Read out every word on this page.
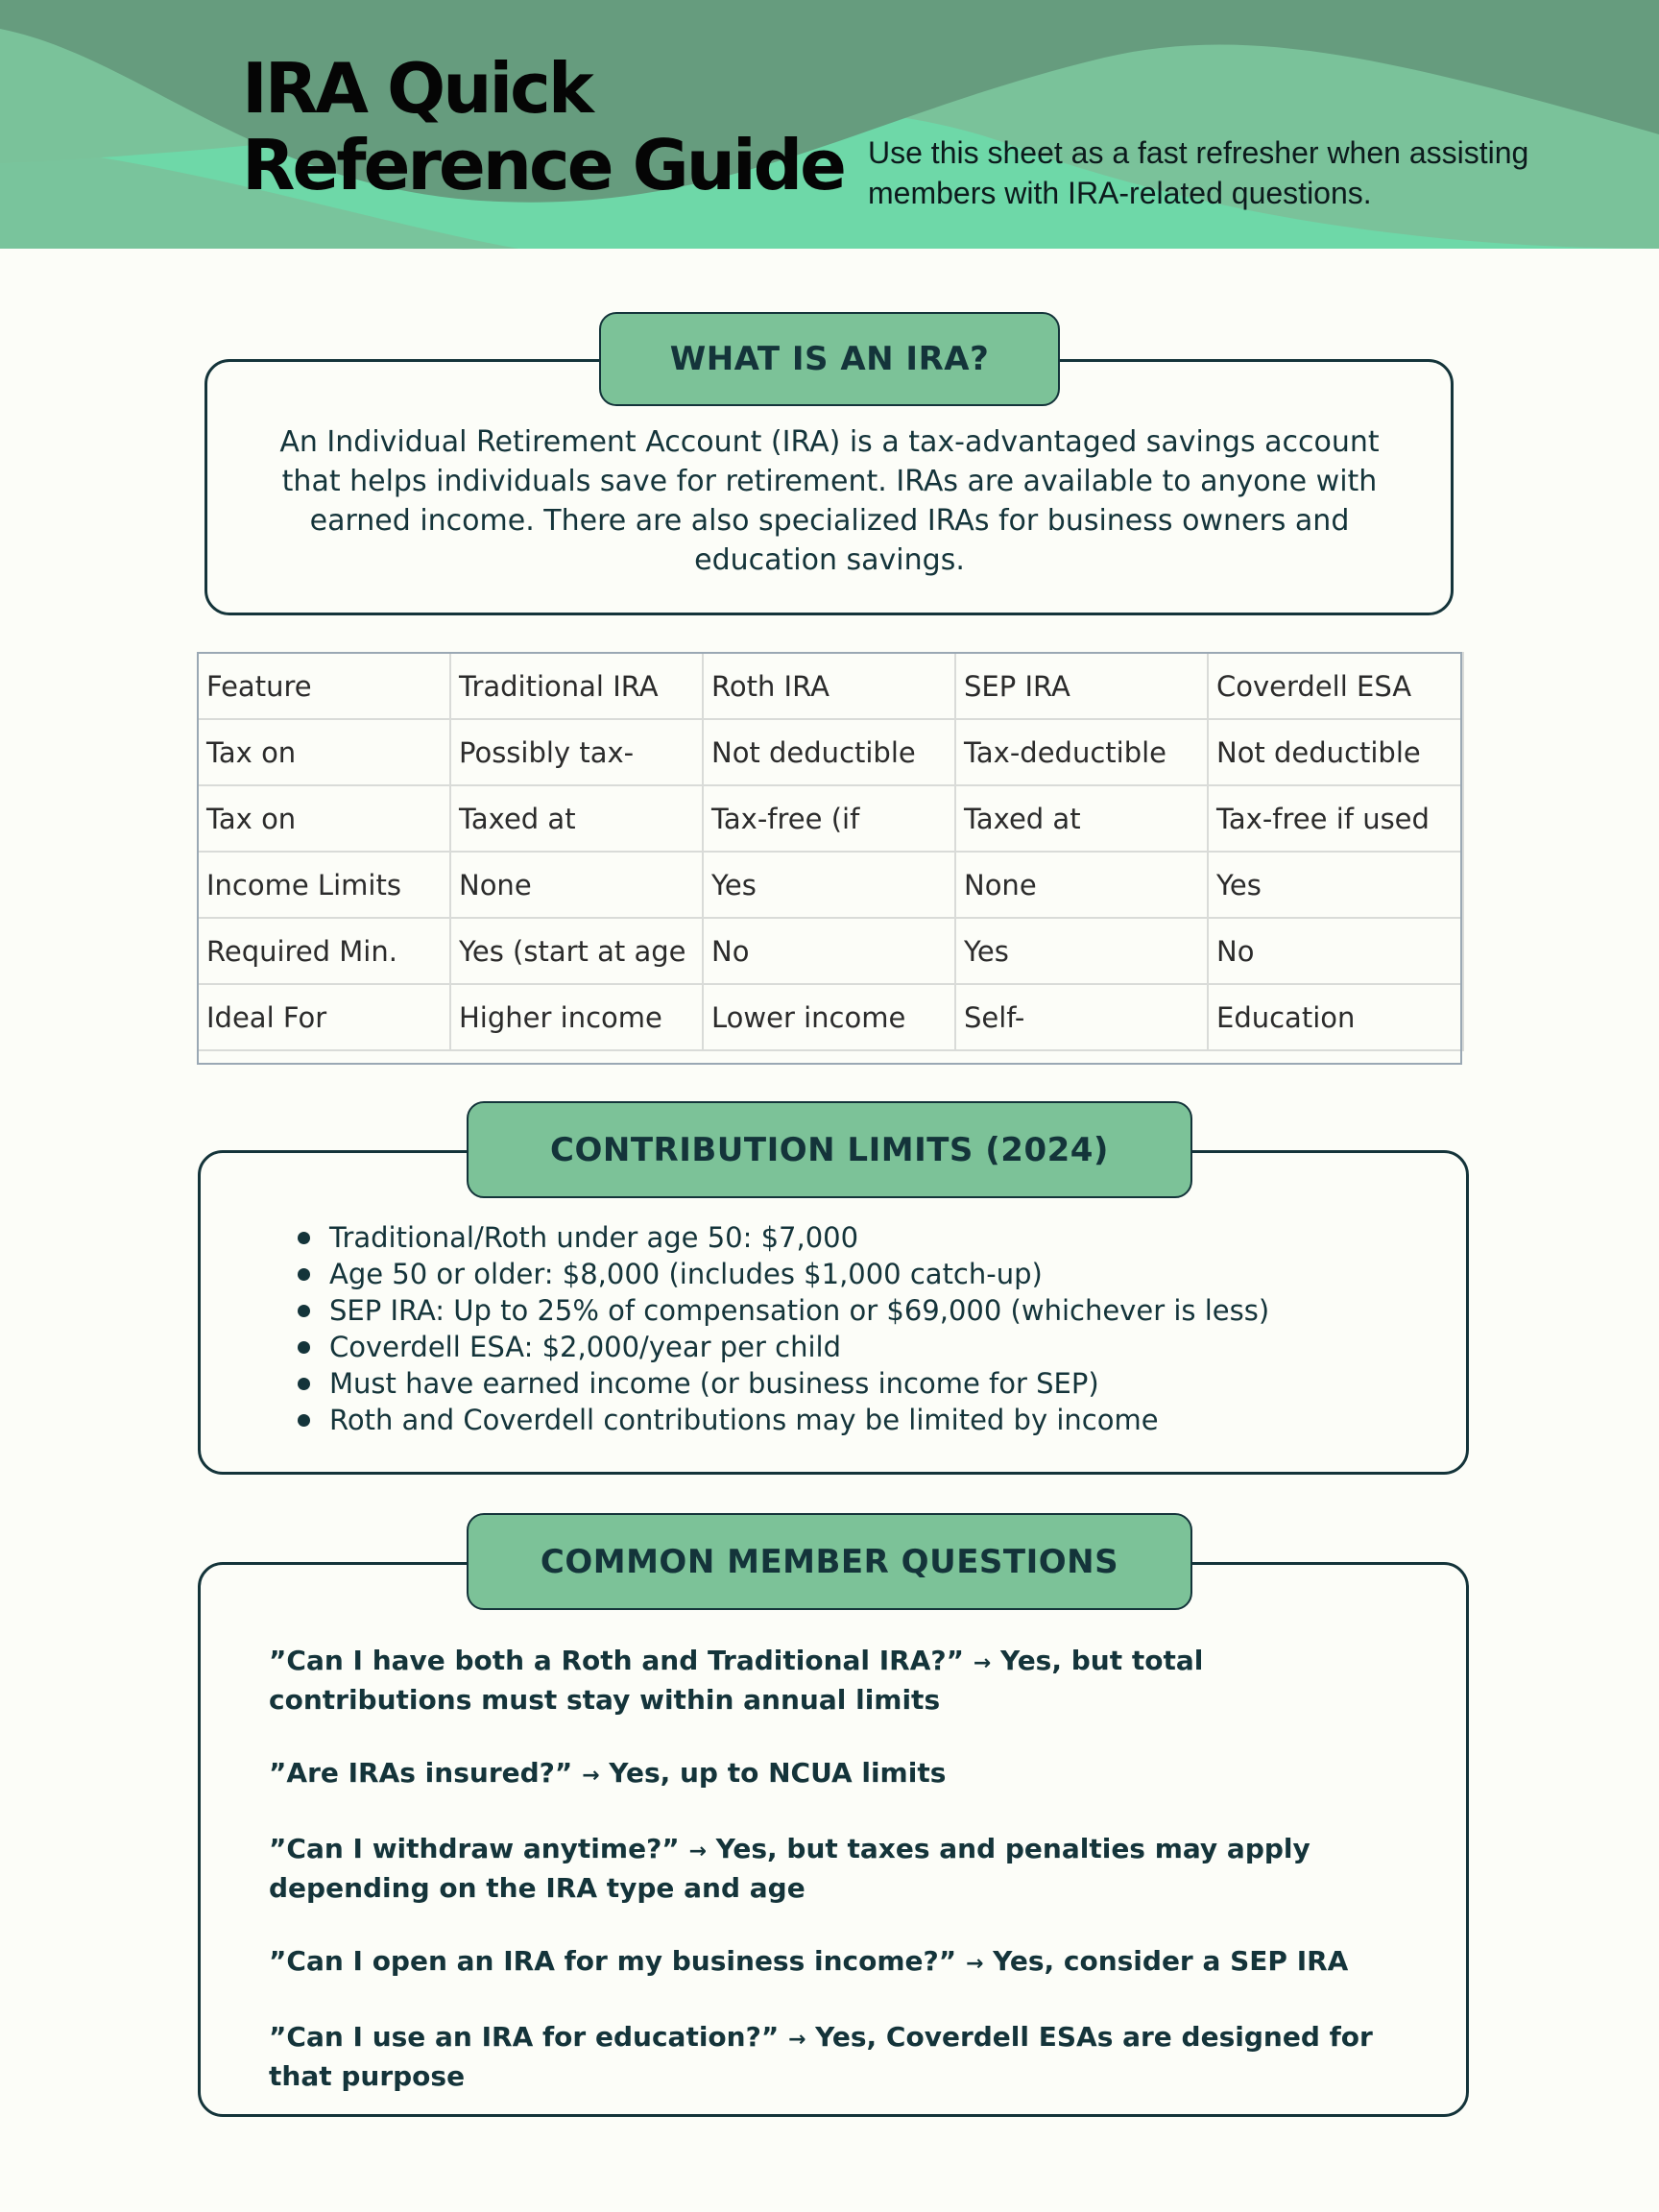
IRA Quick
Reference Guide Use this sheet as a fast refresher when assisting members with IRA-related questions.
WHAT IS AN IRA?
An Individual Retirement Account (IRA) is a tax-advantaged savings account that helps individuals save for retirement. IRAs are available to anyone with earned income. There are also specialized IRAs for business owners and education savings.
Feature	Traditional IRA	Roth IRA	SEP IRA	Coverdell ESA
Tax on	Possibly tax-	Not deductible	Tax-deductible	Not deductible
Tax on	Taxed at	Tax-free (if	Taxed at	Tax-free if used
Income Limits	None	Yes	None	Yes
Required Min.	Yes (start at age	No	Yes	No
Ideal For	Higher income	Lower income	Self-	Education
CONTRIBUTION LIMITS (2024)
Traditional/Roth under age 50: $7,000
Age 50 or older: $8,000 (includes $1,000 catch-up)
SEP IRA: Up to 25% of compensation or $69,000 (whichever is less)
Coverdell ESA: $2,000/year per child
Must have earned income (or business income for SEP)
Roth and Coverdell contributions may be limited by income
COMMON MEMBER QUESTIONS
”Can I have both a Roth and Traditional IRA?” → Yes, but total contributions must stay within annual limits
”Are IRAs insured?” → Yes, up to NCUA limits
”Can I withdraw anytime?” → Yes, but taxes and penalties may apply depending on the IRA type and age
”Can I open an IRA for my business income?” → Yes, consider a SEP IRA
”Can I use an IRA for education?” → Yes, Coverdell ESAs are designed for that purpose
